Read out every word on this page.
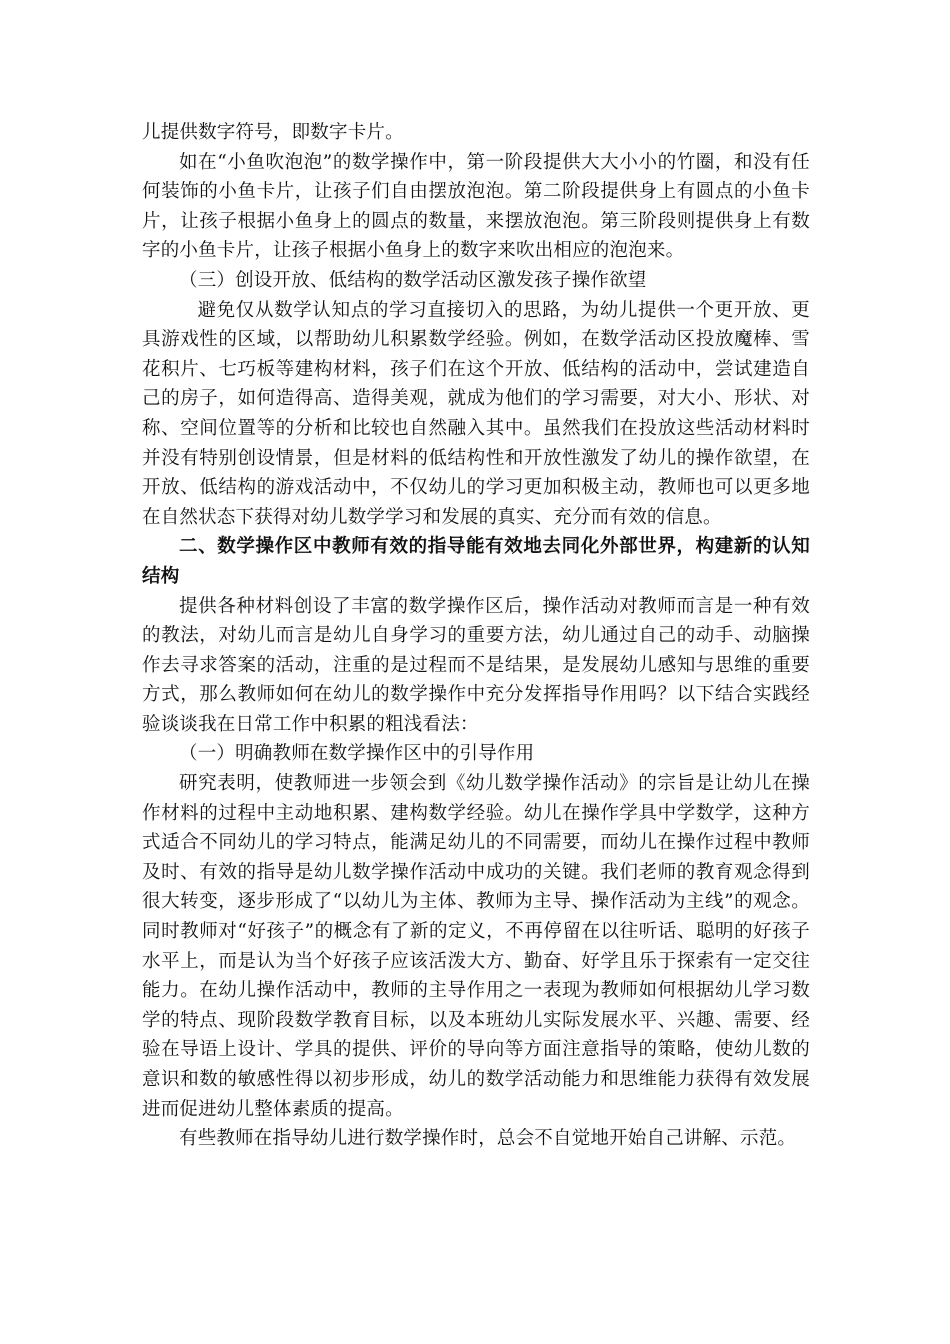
儿提供数字符号，即数字卡片。

如在“小鱼吹泡泡”的数学操作中，第一阶段提供大大小小的竹圈，和没有任何装饰的小鱼卡片，让孩子们自由摆放泡泡。第二阶段提供身上有圆点的小鱼卡片，让孩子根据小鱼身上的圆点的数量，来摆放泡泡。第三阶段则提供身上有数字的小鱼卡片，让孩子根据小鱼身上的数字来吹出相应的泡泡来。

（三）创设开放、低结构的数学活动区激发孩子操作欲望

避免仅从数学认知点的学习直接切入的思路，为幼儿提供一个更开放、更具游戏性的区域，以帮助幼儿积累数学经验。例如，在数学活动区投放魔棒、雪花积片、七巧板等建构材料，孩子们在这个开放、低结构的活动中，尝试建造自己的房子，如何造得高、造得美观，就成为他们的学习需要，对大小、形状、对称、空间位置等的分析和比较也自然融入其中。虽然我们在投放这些活动材料时并没有特别创设情景，但是材料的低结构性和开放性激发了幼儿的操作欲望，在开放、低结构的游戏活动中，不仅幼儿的学习更加积极主动，教师也可以更多地在自然状态下获得对幼儿数学学习和发展的真实、充分而有效的信息。

二、数学操作区中教师有效的指导能有效地去同化外部世界，构建新的认知结构

提供各种材料创设了丰富的数学操作区后，操作活动对教师而言是一种有效的教法，对幼儿而言是幼儿自身学习的重要方法，幼儿通过自己的动手、动脑操作去寻求答案的活动，注重的是过程而不是结果，是发展幼儿感知与思维的重要方式，那么教师如何在幼儿的数学操作中充分发挥指导作用吗？以下结合实践经验谈谈我在日常工作中积累的粗浅看法：

（一）明确教师在数学操作区中的引导作用

研究表明，使教师进一步领会到《幼儿数学操作活动》的宗旨是让幼儿在操作材料的过程中主动地积累、建构数学经验。幼儿在操作学具中学数学，这种方式适合不同幼儿的学习特点，能满足幼儿的不同需要，而幼儿在操作过程中教师及时、有效的指导是幼儿数学操作活动中成功的关键。我们老师的教育观念得到很大转变，逐步形成了“以幼儿为主体、教师为主导、操作活动为主线”的观念。同时教师对“好孩子”的概念有了新的定义，不再停留在以往听话、聪明的好孩子水平上，而是认为当个好孩子应该活泼大方、勤奋、好学且乐于探索有一定交往能力。在幼儿操作活动中，教师的主导作用之一表现为教师如何根据幼儿学习数学的特点、现阶段数学教育目标，以及本班幼儿实际发展水平、兴趣、需要、经验在导语上设计、学具的提供、评价的导向等方面注意指导的策略，使幼儿数的意识和数的敏感性得以初步形成，幼儿的数学活动能力和思维能力获得有效发展进而促进幼儿整体素质的提高。

有些教师在指导幼儿进行数学操作时，总会不自觉地开始自己讲解、示范。
